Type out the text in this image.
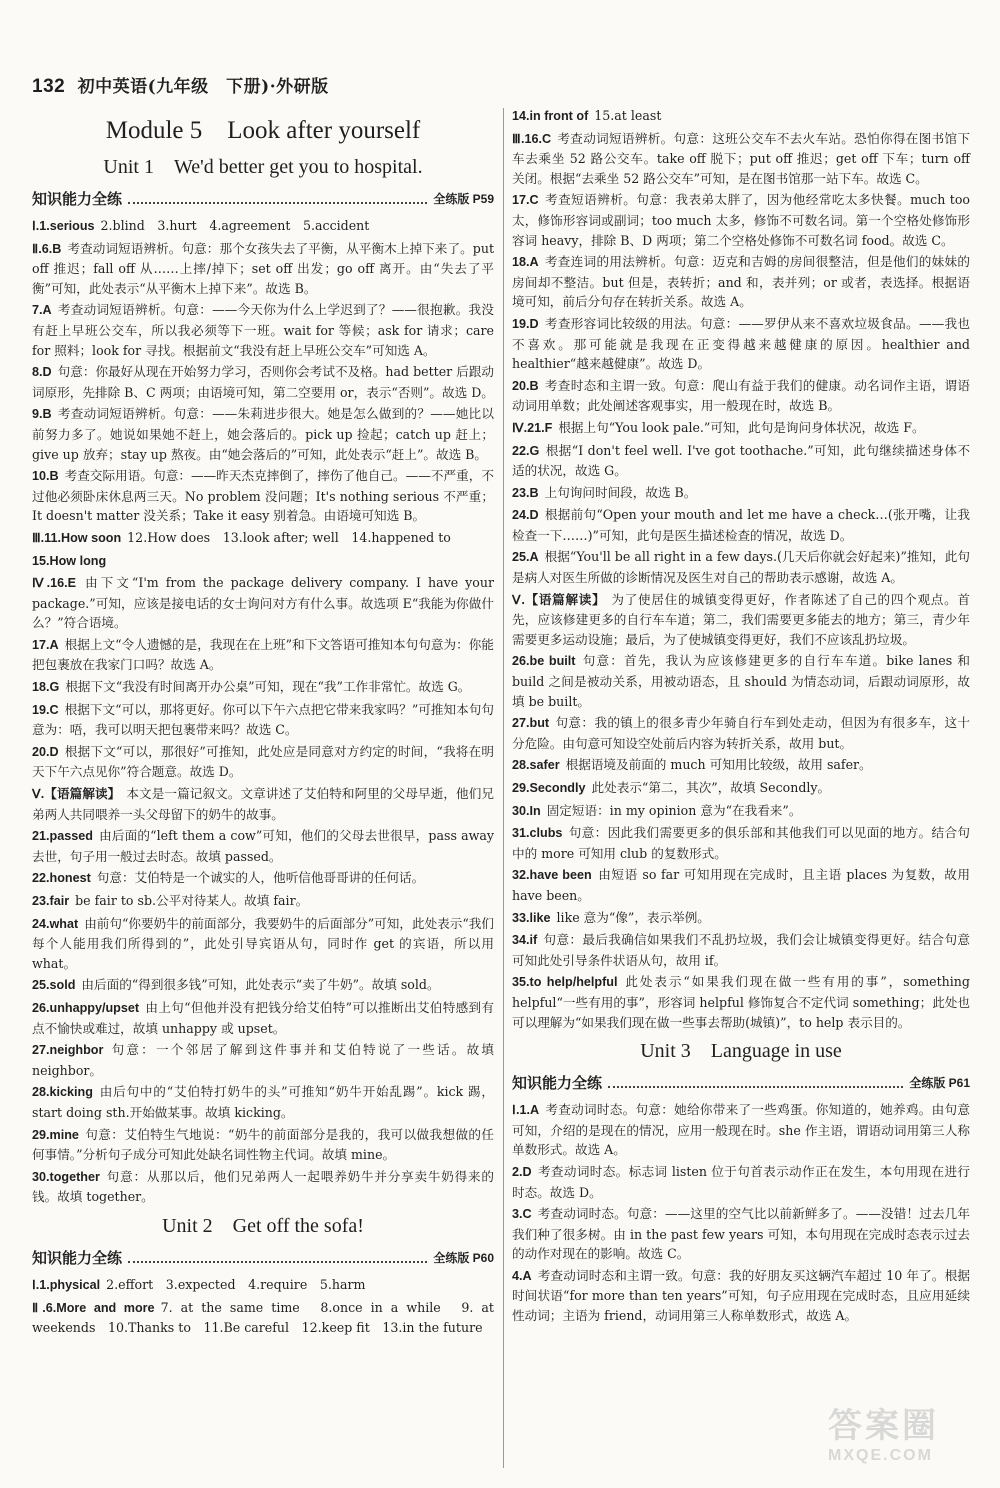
132 初中英语(九年级　下册)·外研版
Module 5　Look after yourself
Unit 1　We'd better get you to hospital.
知识能力全练	全练版 P59
Ⅰ.1.serious 2.blind　3.hurt　4.agreement　5.accident
Ⅱ.6.B 考查动词短语辨析。句意：那个女孩失去了平衡，从平衡木上掉下来了。put off 推迟；fall off 从……上摔/掉下；set off 出发；go off 离开。由“失去了平衡”可知，此处表示“从平衡木上掉下来”。故选 B。
7.A 考查动词短语辨析。句意：——今天你为什么上学迟到了？——很抱歉。我没有赶上早班公交车，所以我必须等下一班。wait for 等候；ask for 请求；care for 照料；look for 寻找。根据前文“我没有赶上早班公交车”可知选 A。
8.D 句意：你最好从现在开始努力学习，否则你会考试不及格。had better 后跟动词原形，先排除 B、C 两项；由语境可知，第二空要用 or，表示“否则”。故选 D。
9.B 考查动词短语辨析。句意：——朱莉进步很大。她是怎么做到的？——她比以前努力多了。她说如果她不赶上，她会落后的。pick up 捡起；catch up 赶上；give up 放弃；stay up 熬夜。由“她会落后的”可知，此处表示“赶上”。故选 B。
10.B 考查交际用语。句意：——昨天杰克摔倒了，摔伤了他自己。——不严重，不过他必须卧床休息两三天。No problem 没问题；It's nothing serious 不严重；It doesn't matter 没关系；Take it easy 别着急。由语境可知选 B。
Ⅲ.11.How soon 12.How does　13.look after; well　14.happened to
15.How long
Ⅳ.16.E 由下文“I'm from the package delivery company. I have your package.”可知，应该是接电话的女士询问对方有什么事。故选项 E“我能为你做什么？”符合语境。
17.A 根据上文“令人遗憾的是，我现在在上班”和下文答语可推知本句句意为：你能把包裹放在我家门口吗？故选 A。
18.G 根据下文“我没有时间离开办公桌”可知，现在“我”工作非常忙。故选 G。
19.C 根据下文“可以，那将更好。你可以下午六点把它带来我家吗？”可推知本句句意为：唔，我可以明天把包裹带来吗？故选 C。
20.D 根据下文“可以，那很好”可推知，此处应是同意对方约定的时间，“我将在明天下午六点见你”符合题意。故选 D。
Ⅴ.【语篇解读】 本文是一篇记叙文。文章讲述了艾伯特和阿里的父母早逝，他们兄弟两人共同喂养一头父母留下的奶牛的故事。
21.passed 由后面的“left them a cow”可知，他们的父母去世很早，pass away 去世，句子用一般过去时态。故填 passed。
22.honest 句意：艾伯特是一个诚实的人，他听信他哥哥讲的任何话。
23.fair be fair to sb.公平对待某人。故填 fair。
24.what 由前句“你要奶牛的前面部分，我要奶牛的后面部分”可知，此处表示“我们每个人能用我们所得到的”，此处引导宾语从句，同时作 get 的宾语，所以用 what。
25.sold 由后面的“得到很多钱”可知，此处表示“卖了牛奶”。故填 sold。
26.unhappy/upset 由上句“但他并没有把钱分给艾伯特”可以推断出艾伯特感到有点不愉快或难过，故填 unhappy 或 upset。
27.neighbor 句意：一个邻居了解到这件事并和艾伯特说了一些话。故填 neighbor。
28.kicking 由后句中的“艾伯特打奶牛的头”可推知“奶牛开始乱踢”。kick 踢，start doing sth.开始做某事。故填 kicking。
29.mine 句意：艾伯特生气地说：“奶牛的前面部分是我的，我可以做我想做的任何事情。”分析句子成分可知此处缺名词性物主代词。故填 mine。
30.together 句意：从那以后，他们兄弟两人一起喂养奶牛并分享卖牛奶得来的钱。故填 together。
Unit 2　Get off the sofa!
知识能力全练	全练版 P60
Ⅰ.1.physical 2.effort　3.expected　4.require　5.harm
Ⅱ.6.More and more 7. at the same time　8.once in a while　9. at weekends　10.Thanks to　11.Be careful　12.keep fit　13.in the future
14.in front of 15.at least
Ⅲ.16.C 考查动词短语辨析。句意：这班公交车不去火车站。恐怕你得在图书馆下车去乘坐 52 路公交车。take off 脱下；put off 推迟；get off 下车；turn off 关闭。根据“去乘坐 52 路公交车”可知，是在图书馆那一站下车。故选 C。
17.C 考查短语辨析。句意：我表弟太胖了，因为他经常吃太多快餐。much too 太，修饰形容词或副词；too much 太多，修饰不可数名词。第一个空格处修饰形容词 heavy，排除 B、D 两项；第二个空格处修饰不可数名词 food。故选 C。
18.A 考查连词的用法辨析。句意：迈克和吉姆的房间很整洁，但是他们的妹妹的房间却不整洁。but 但是，表转折；and 和，表并列；or 或者，表选择。根据语境可知，前后分句存在转折关系。故选 A。
19.D 考查形容词比较级的用法。句意：——罗伊从来不喜欢垃圾食品。——我也不喜欢。那可能就是我现在正变得越来越健康的原因。healthier and healthier“越来越健康”。故选 D。
20.B 考查时态和主谓一致。句意：爬山有益于我们的健康。动名词作主语，谓语动词用单数；此处阐述客观事实，用一般现在时，故选 B。
Ⅳ.21.F 根据上句“You look pale.”可知，此句是询问身体状况，故选 F。
22.G 根据“I don't feel well. I've got toothache.”可知，此句继续描述身体不适的状况，故选 G。
23.B 上句询问时间段，故选 B。
24.D 根据前句“Open your mouth and let me have a check…(张开嘴，让我检查一下……)”可知，此句是医生描述检查的情况，故选 D。
25.A 根据“You'll be all right in a few days.(几天后你就会好起来)”推知，此句是病人对医生所做的诊断情况及医生对自己的帮助表示感谢，故选 A。
Ⅴ.【语篇解读】 为了使居住的城镇变得更好，作者陈述了自己的四个观点。首先，应该修建更多的自行车车道；第二，我们需要更多能去的地方；第三，青少年需要更多运动设施；最后，为了使城镇变得更好，我们不应该乱扔垃圾。
26.be built 句意：首先，我认为应该修建更多的自行车车道。bike lanes 和 build 之间是被动关系，用被动语态，且 should 为情态动词，后跟动词原形，故填 be built。
27.but 句意：我的镇上的很多青少年骑自行车到处走动，但因为有很多车，这十分危险。由句意可知设空处前后内容为转折关系，故用 but。
28.safer 根据语境及前面的 much 可知用比较级，故用 safer。
29.Secondly 此处表示“第二，其次”，故填 Secondly。
30.In 固定短语：in my opinion 意为“在我看来”。
31.clubs 句意：因此我们需要更多的俱乐部和其他我们可以见面的地方。结合句中的 more 可知用 club 的复数形式。
32.have been 由短语 so far 可知用现在完成时，且主语 places 为复数，故用 have been。
33.like like 意为“像”，表示举例。
34.if 句意：最后我确信如果我们不乱扔垃圾，我们会让城镇变得更好。结合句意可知此处引导条件状语从句，故用 if。
35.to help/helpful 此处表示“如果我们现在做一些有用的事”，something helpful“一些有用的事”，形容词 helpful 修饰复合不定代词 something；此处也可以理解为“如果我们现在做一些事去帮助(城镇)”，to help 表示目的。
Unit 3　Language in use
知识能力全练	全练版 P61
Ⅰ.1.A 考查动词时态。句意：她给你带来了一些鸡蛋。你知道的，她养鸡。由句意可知，介绍的是现在的情况，应用一般现在时。she 作主语，谓语动词用第三人称单数形式。故选 A。
2.D 考查动词时态。标志词 listen 位于句首表示动作正在发生，本句用现在进行时态。故选 D。
3.C 考查动词时态。句意：——这里的空气比以前新鲜多了。——没错！过去几年我们种了很多树。由 in the past few years 可知，本句用现在完成时态表示过去的动作对现在的影响。故选 C。
4.A 考查动词时态和主谓一致。句意：我的好朋友买这辆汽车超过 10 年了。根据时间状语“for more than ten years”可知，句子应用现在完成时态，且应用延续性动词；主语为 friend，动词用第三人称单数形式，故选 A。
答案圈
MXQE.COM
